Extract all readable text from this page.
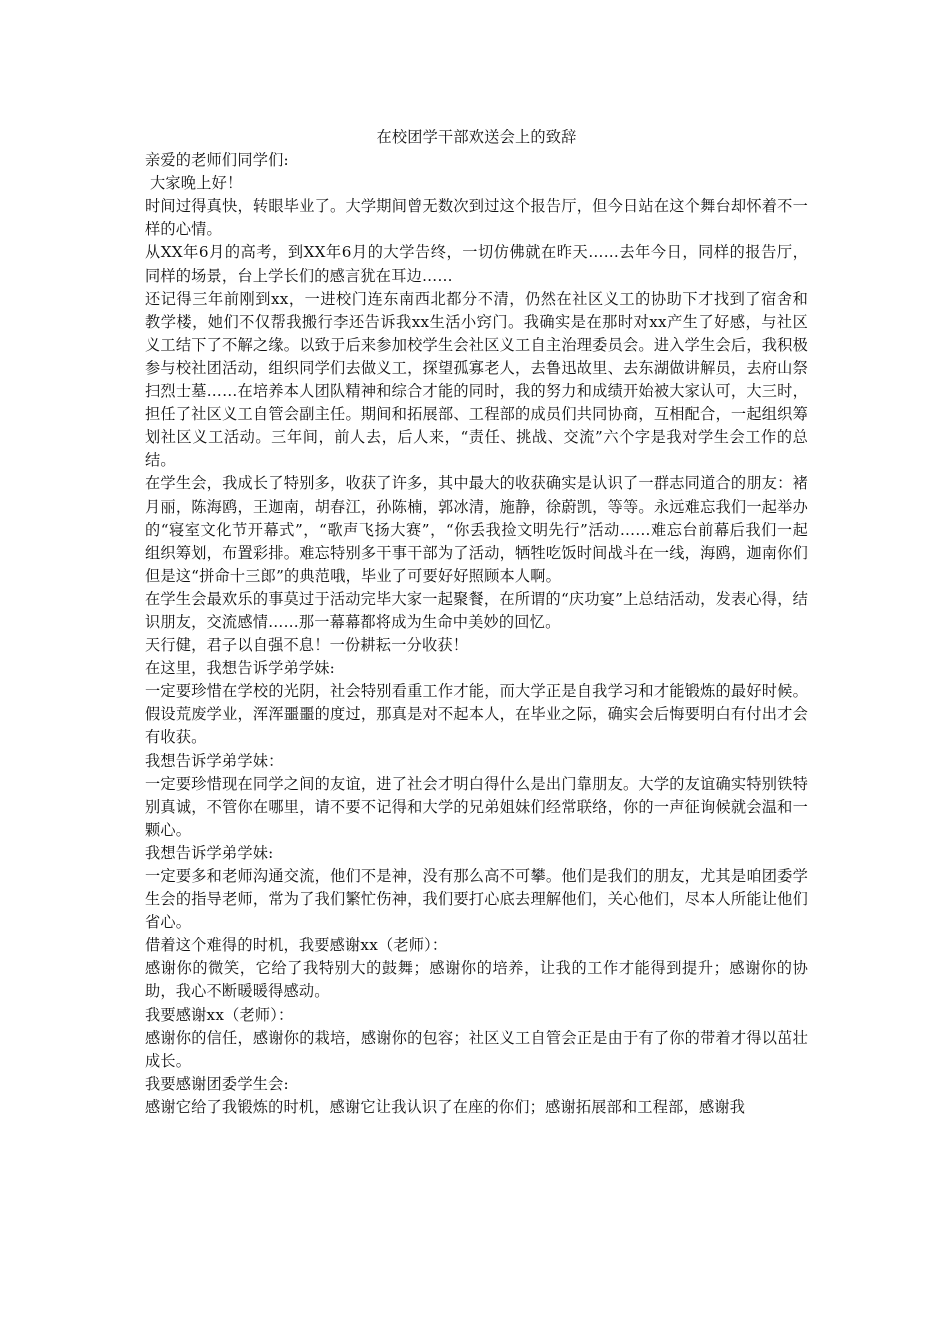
在校团学干部欢送会上的致辞
亲爱的老师们同学们:
大家晚上好！
时间过得真快，转眼毕业了。大学期间曾无数次到过这个报告厅，但今日站在这个舞台却怀着不一样的心情。
从XX年6月的高考，到XX年6月的大学告终，一切仿佛就在昨天……去年今日，同样的报告厅，同样的场景，台上学长们的感言犹在耳边……
还记得三年前刚到xx，一进校门连东南西北都分不清，仍然在社区义工的协助下才找到了宿舍和教学楼，她们不仅帮我搬行李还告诉我xx生活小窍门。我确实是在那时对xx产生了好感，与社区义工结下了不解之缘。以致于后来参加校学生会社区义工自主治理委员会。进入学生会后，我积极参与校社团活动，组织同学们去做义工，探望孤寡老人，去鲁迅故里、去东湖做讲解员，去府山祭扫烈士墓……在培养本人团队精神和综合才能的同时，我的努力和成绩开始被大家认可，大三时，担任了社区义工自管会副主任。期间和拓展部、工程部的成员们共同协商，互相配合，一起组织筹划社区义工活动。三年间，前人去，后人来，“责任、挑战、交流”六个字是我对学生会工作的总结。
在学生会，我成长了特别多，收获了许多，其中最大的收获确实是认识了一群志同道合的朋友：褚月丽，陈海鸥，王迦南，胡春江，孙陈楠，郭冰清，施静，徐蔚凯，等等。永远难忘我们一起举办的“寝室文化节开幕式”，“歌声飞扬大赛”，“你丢我捡文明先行”活动……难忘台前幕后我们一起组织筹划，布置彩排。难忘特别多干事干部为了活动，牺牲吃饭时间战斗在一线，海鸥，迦南你们但是这“拼命十三郎”的典范哦，毕业了可要好好照顾本人啊。
在学生会最欢乐的事莫过于活动完毕大家一起聚餐，在所谓的“庆功宴”上总结活动，发表心得，结识朋友，交流感情……那一幕幕都将成为生命中美妙的回忆。
天行健，君子以自强不息！一份耕耘一分收获！
在这里，我想告诉学弟学妹:
一定要珍惜在学校的光阴，社会特别看重工作才能，而大学正是自我学习和才能锻炼的最好时候。假设荒废学业，浑浑噩噩的度过，那真是对不起本人，在毕业之际，确实会后悔要明白有付出才会有收获。
我想告诉学弟学妹：
一定要珍惜现在同学之间的友谊，进了社会才明白得什么是出门靠朋友。大学的友谊确实特别铁特别真诚，不管你在哪里，请不要不记得和大学的兄弟姐妹们经常联络，你的一声征询候就会温和一颗心。
我想告诉学弟学妹:
一定要多和老师沟通交流，他们不是神，没有那么高不可攀。他们是我们的朋友，尤其是咱团委学生会的指导老师，常为了我们繁忙伤神，我们要打心底去理解他们，关心他们，尽本人所能让他们省心。
借着这个难得的时机，我要感谢xx（老师）：
感谢你的微笑，它给了我特别大的鼓舞；感谢你的培养，让我的工作才能得到提升；感谢你的协助，我心不断暖暖得感动。
我要感谢xx（老师）：
感谢你的信任，感谢你的栽培，感谢你的包容；社区义工自管会正是由于有了你的带着才得以茁壮成长。
我要感谢团委学生会:
感谢它给了我锻炼的时机，感谢它让我认识了在座的你们；感谢拓展部和工程部，感谢我
